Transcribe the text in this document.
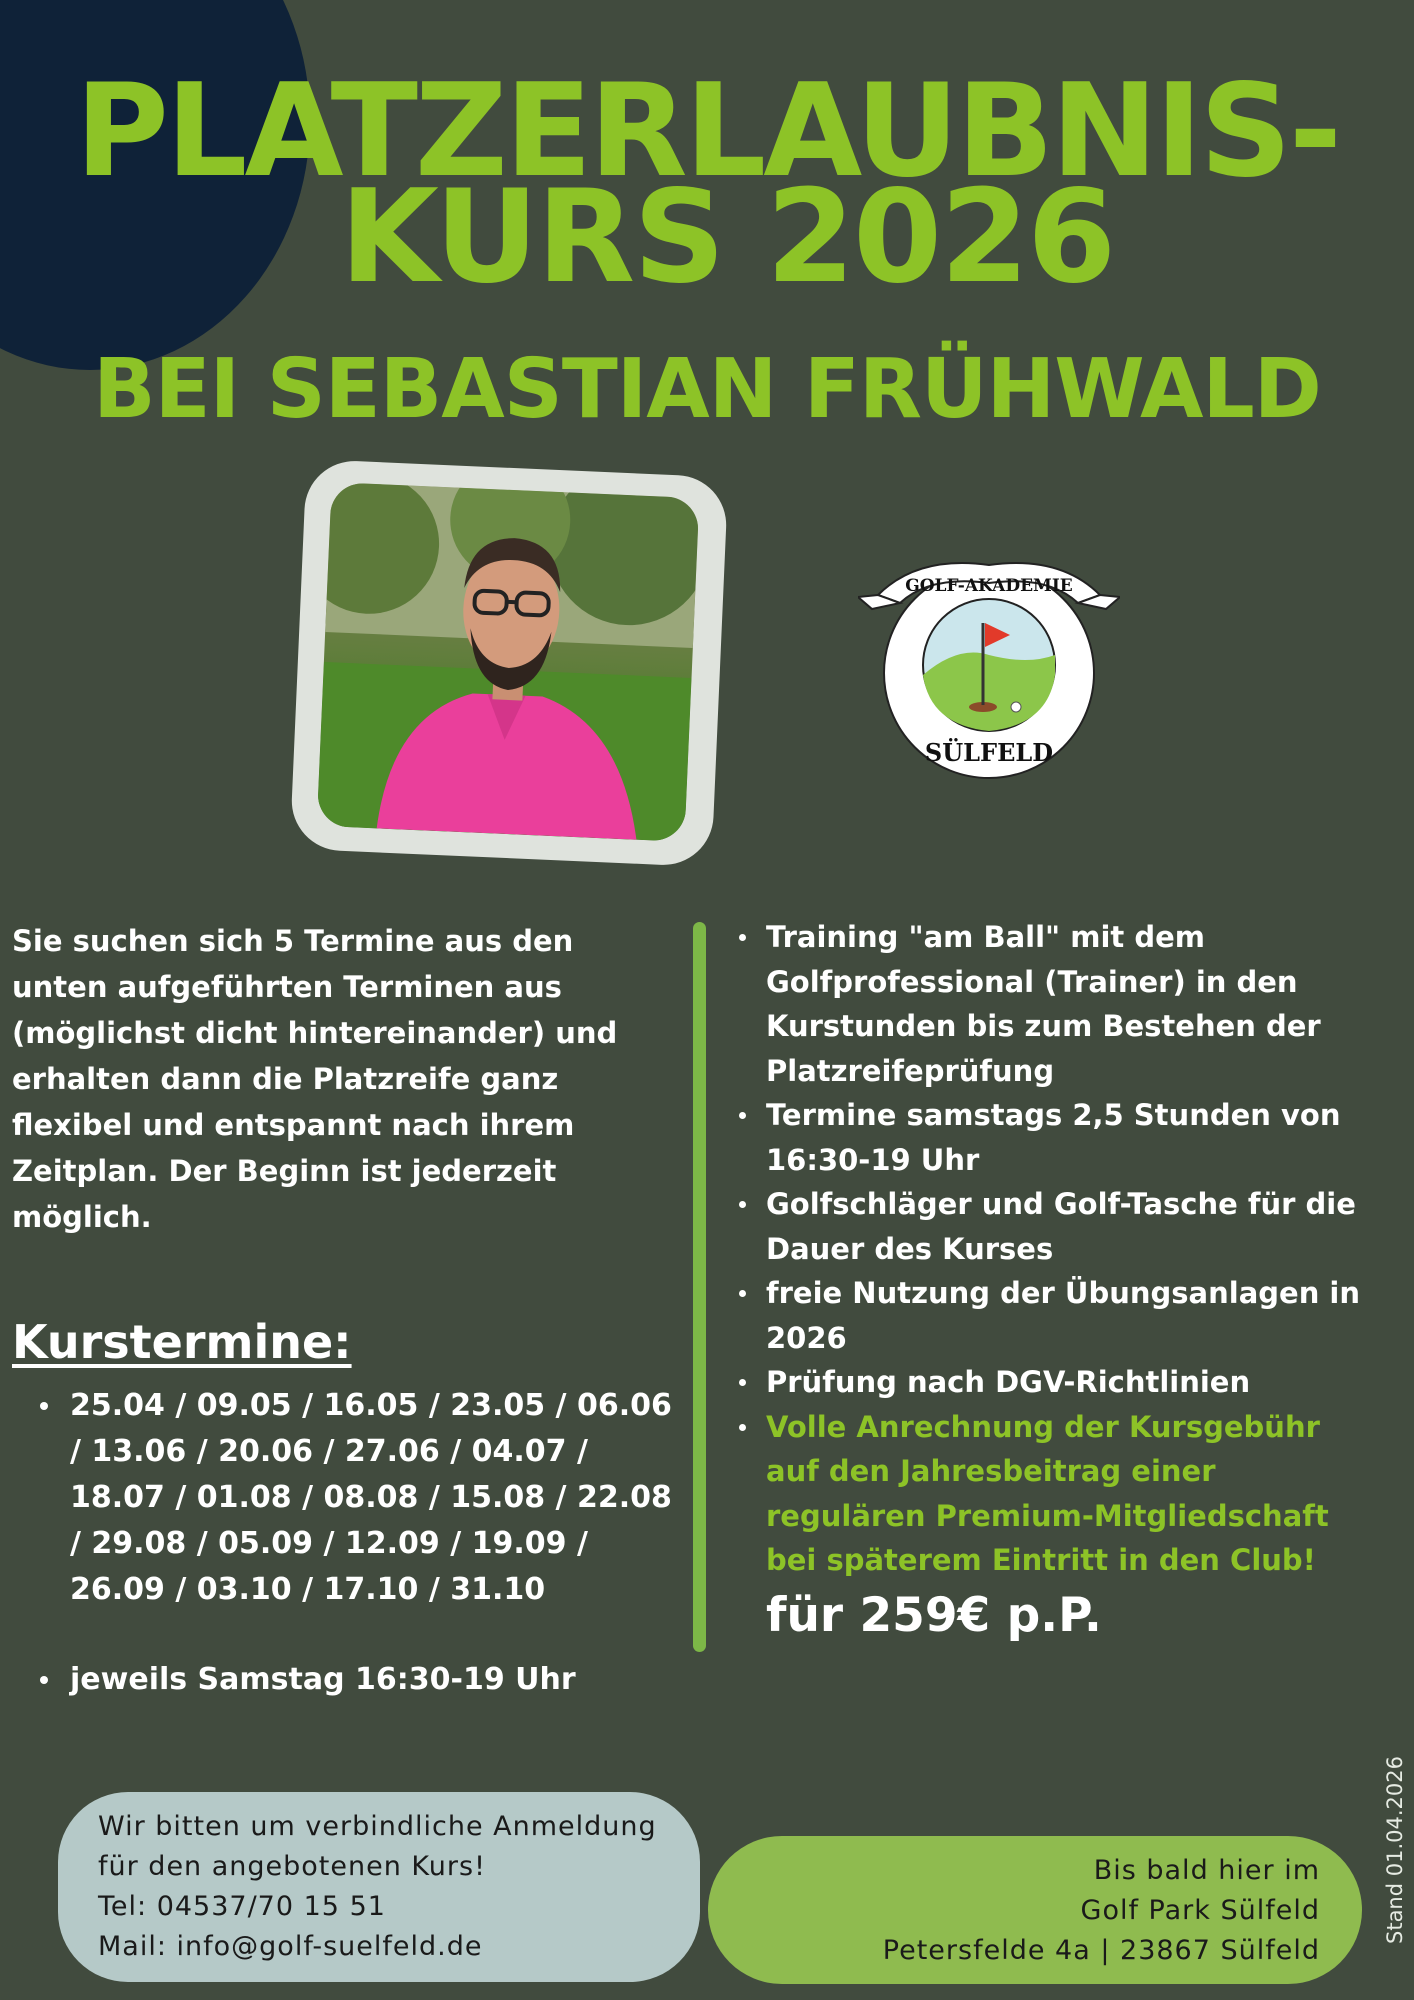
PLATZERLAUBNIS-
KURS 2026
BEI SEBASTIAN FRÜHWALD
GOLF-AKADEMIE
SÜLFELD
Sie suchen sich 5 Termine aus den unten aufgeführten Terminen aus (möglichst dicht hintereinander) und erhalten dann die Platzreife ganz flexibel und entspannt nach ihrem Zeitplan. Der Beginn ist jederzeit möglich.
Kurstermine:
25.04 / 09.05 / 16.05 / 23.05 / 06.06 / 13.06 / 20.06 / 27.06 / 04.07 / 18.07 / 01.08 / 08.08 / 15.08 / 22.08 / 29.08 / 05.09 / 12.09 / 19.09 / 26.09 / 03.10 / 17.10 / 31.10
jeweils Samstag 16:30-19 Uhr
Training "am Ball" mit dem Golfprofessional (Trainer) in den Kurstunden bis zum Bestehen der Platzreifeprüfung
Termine samstags 2,5 Stunden von 16:30-19 Uhr
Golfschläger und Golf-Tasche für die Dauer des Kurses
freie Nutzung der Übungsanlagen in 2026
Prüfung nach DGV-Richtlinien
Volle Anrechnung der Kursgebühr auf den Jahresbeitrag einer regulären Premium-Mitgliedschaft bei späterem Eintritt in den Club!
für 259€ p.P.
Wir bitten um verbindliche Anmeldung
für den angebotenen Kurs!
Tel: 04537/70 15 51
Mail: info@golf-suelfeld.de
Bis bald hier im
Golf Park Sülfeld
Petersfelde 4a | 23867 Sülfeld
Stand 01.04.2026
